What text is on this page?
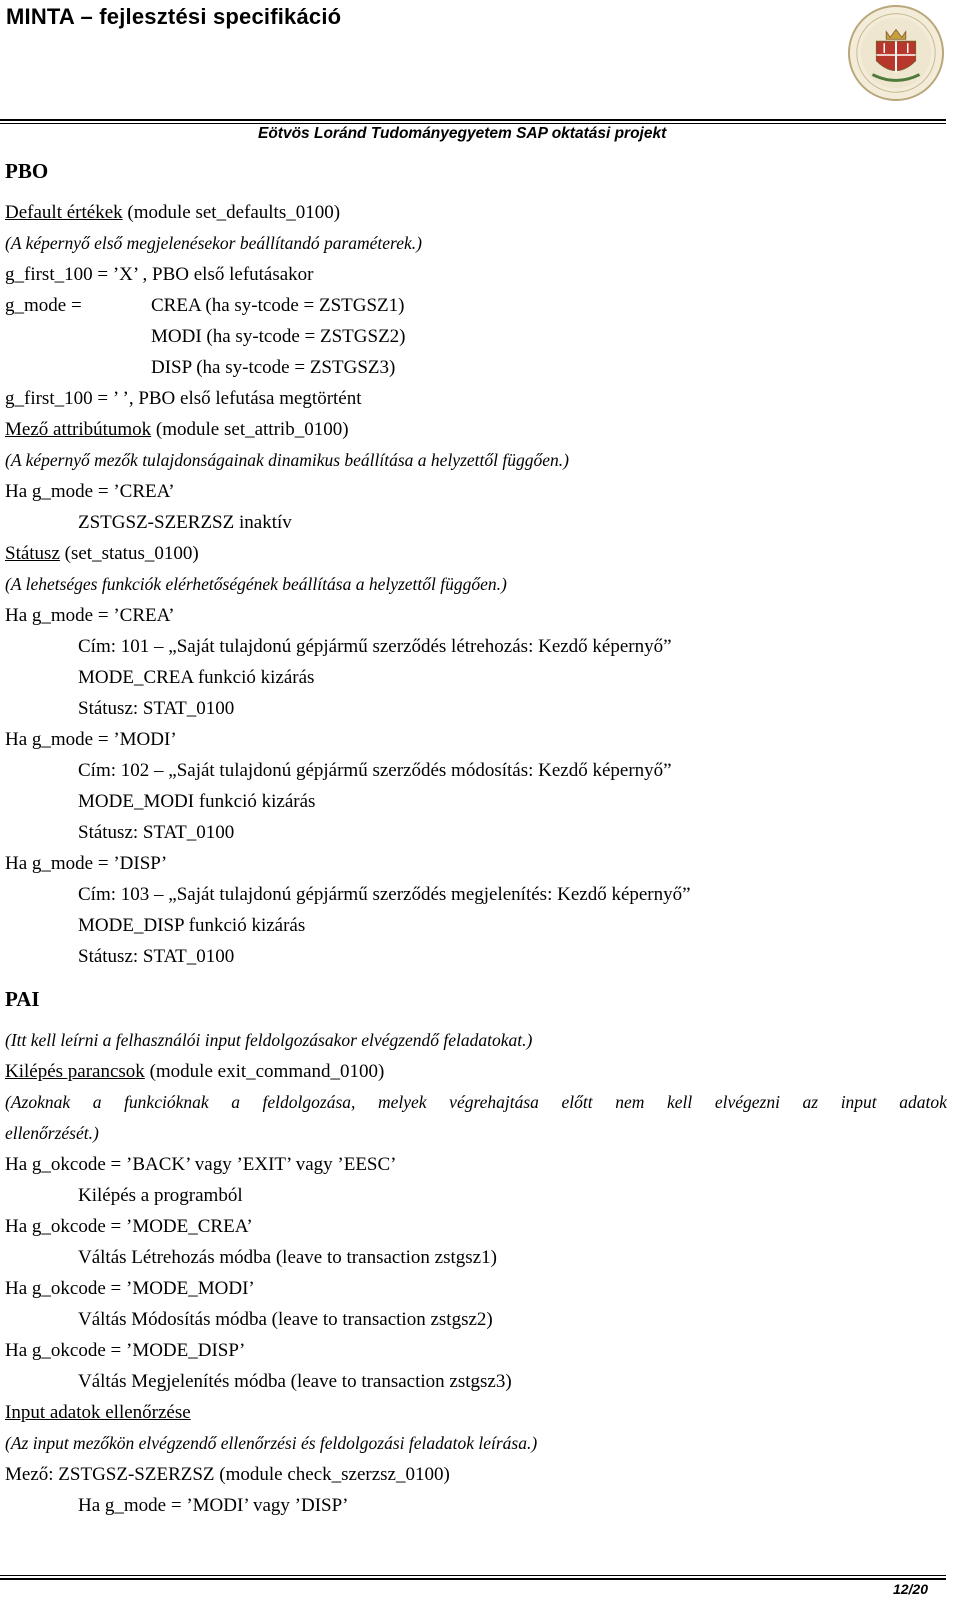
MINTA – fejlesztési specifikáció
Eötvös Loránd Tudományegyetem SAP oktatási projekt
PBO
Default értékek (module set_defaults_0100)
(A képernyő első megjelenésekor beállítandó paraméterek.)
g_first_100 = ’X’ , PBO első lefutásakor
g_mode =	CREA (ha sy-tcode = ZSTGSZ1)
MODI (ha sy-tcode = ZSTGSZ2)
DISP (ha sy-tcode = ZSTGSZ3)
g_first_100 = ’ ’, PBO első lefutása megtörtént
Mező attribútumok (module set_attrib_0100)
(A képernyő mezők tulajdonságainak dinamikus beállítása a helyzettől függően.)
Ha g_mode = ’CREA’
ZSTGSZ-SZERZSZ inaktív
Státusz (set_status_0100)
(A lehetséges funkciók elérhetőségének beállítása a helyzettől függően.)
Ha g_mode = ’CREA’
Cím: 101 – „Saját tulajdonú gépjármű szerződés létrehozás: Kezdő képernyő”
MODE_CREA funkció kizárás
Státusz: STAT_0100
Ha g_mode = ’MODI’
Cím: 102 – „Saját tulajdonú gépjármű szerződés módosítás: Kezdő képernyő”
MODE_MODI funkció kizárás
Státusz: STAT_0100
Ha g_mode = ’DISP’
Cím: 103 – „Saját tulajdonú gépjármű szerződés megjelenítés: Kezdő képernyő”
MODE_DISP funkció kizárás
Státusz: STAT_0100
PAI
(Itt kell leírni a felhasználói input feldolgozásakor elvégzendő feladatokat.)
Kilépés parancsok (module exit_command_0100)
(Azoknak a funkcióknak a feldolgozása, melyek végrehajtása előtt nem kell elvégezni az input adatok
ellenőrzését.)
Ha g_okcode = ’BACK’ vagy ’EXIT’ vagy ’EESC’
Kilépés a programból
Ha g_okcode = ’MODE_CREA’
Váltás Létrehozás módba (leave to transaction zstgsz1)
Ha g_okcode = ’MODE_MODI’
Váltás Módosítás módba (leave to transaction zstgsz2)
Ha g_okcode = ’MODE_DISP’
Váltás Megjelenítés módba (leave to transaction zstgsz3)
Input adatok ellenőrzése
(Az input mezőkön elvégzendő ellenőrzési és feldolgozási feladatok leírása.)
Mező: ZSTGSZ-SZERZSZ (module check_szerzsz_0100)
Ha g_mode = ’MODI’ vagy ’DISP’
12/20
